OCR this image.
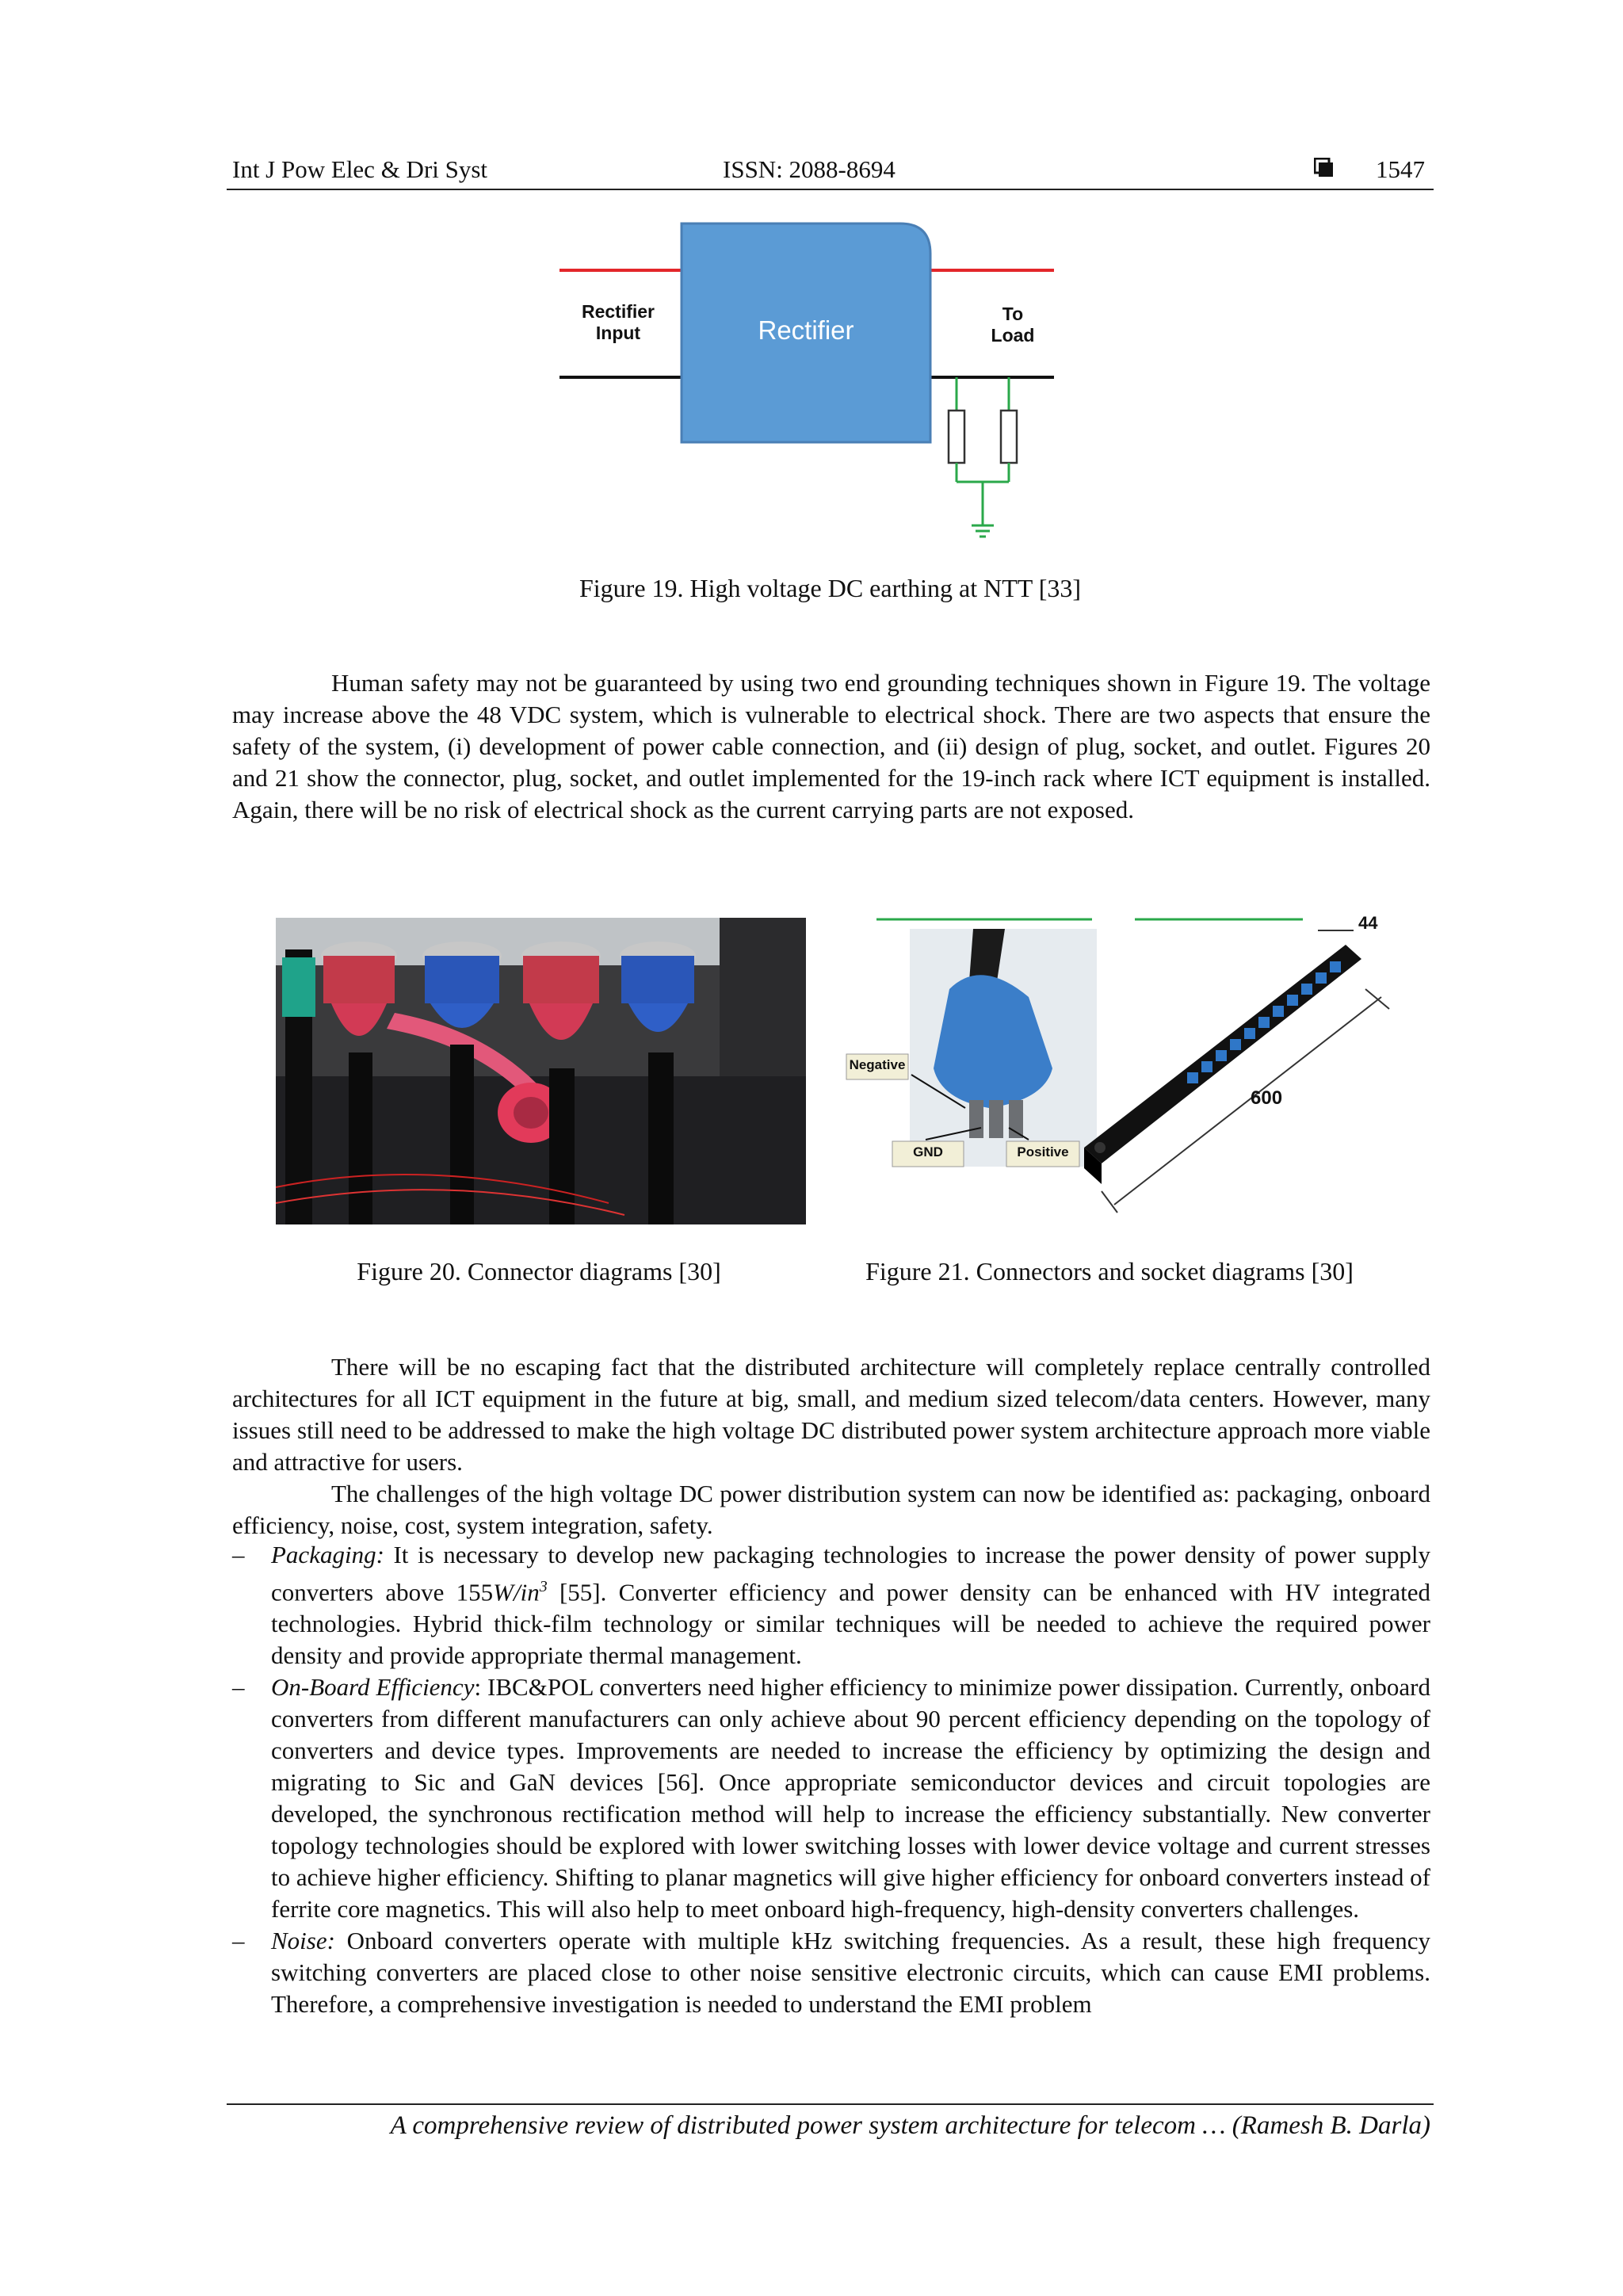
Int J Pow Elec & Dri Syst	ISSN: 2088-8694	1547
Rectifier
Rectifier
Input
To
Load
Figure 19. High voltage DC earthing at NTT [33]

Human safety may not be guaranteed by using two end grounding techniques shown in Figure 19. The voltage may increase above the 48 VDC system, which is vulnerable to electrical shock. There are two aspects that ensure the safety of the system, (i) development of power cable connection, and (ii) design of plug, socket, and outlet. Figures 20 and 21 show the connector, plug, socket, and outlet implemented for the 19-inch rack where ICT equipment is installed. Again, there will be no risk of electrical shock as the current carrying parts are not exposed.

Negative
GND	Positive
44
600
Figure 20. Connector diagrams [30]	Figure 21. Connectors and socket diagrams [30]

There will be no escaping fact that the distributed architecture will completely replace centrally controlled architectures for all ICT equipment in the future at big, small, and medium sized telecom/data centers. However, many issues still need to be addressed to make the high voltage DC distributed power system architecture approach more viable and attractive for users.

The challenges of the high voltage DC power distribution system can now be identified as: packaging, onboard efficiency, noise, cost, system integration, safety.

– Packaging: It is necessary to develop new packaging technologies to increase the power density of power supply converters above $155W/in^3$ [55]. Converter efficiency and power density can be enhanced with HV integrated technologies. Hybrid thick-film technology or similar techniques will be needed to achieve the required power density and provide appropriate thermal management.
– On-Board Efficiency: IBC&POL converters need higher efficiency to minimize power dissipation. Currently, onboard converters from different manufacturers can only achieve about 90 percent efficiency depending on the topology of converters and device types. Improvements are needed to increase the efficiency by optimizing the design and migrating to Sic and GaN devices [56]. Once appropriate semiconductor devices and circuit topologies are developed, the synchronous rectification method will help to increase the efficiency substantially. New converter topology technologies should be explored with lower switching losses with lower device voltage and current stresses to achieve higher efficiency. Shifting to planar magnetics will give higher efficiency for onboard converters instead of ferrite core magnetics. This will also help to meet onboard high-frequency, high-density converters challenges.
– Noise: Onboard converters operate with multiple kHz switching frequencies. As a result, these high frequency switching converters are placed close to other noise sensitive electronic circuits, which can cause EMI problems. Therefore, a comprehensive investigation is needed to understand the EMI problem
A comprehensive review of distributed power system architecture for telecom … (Ramesh B. Darla)
